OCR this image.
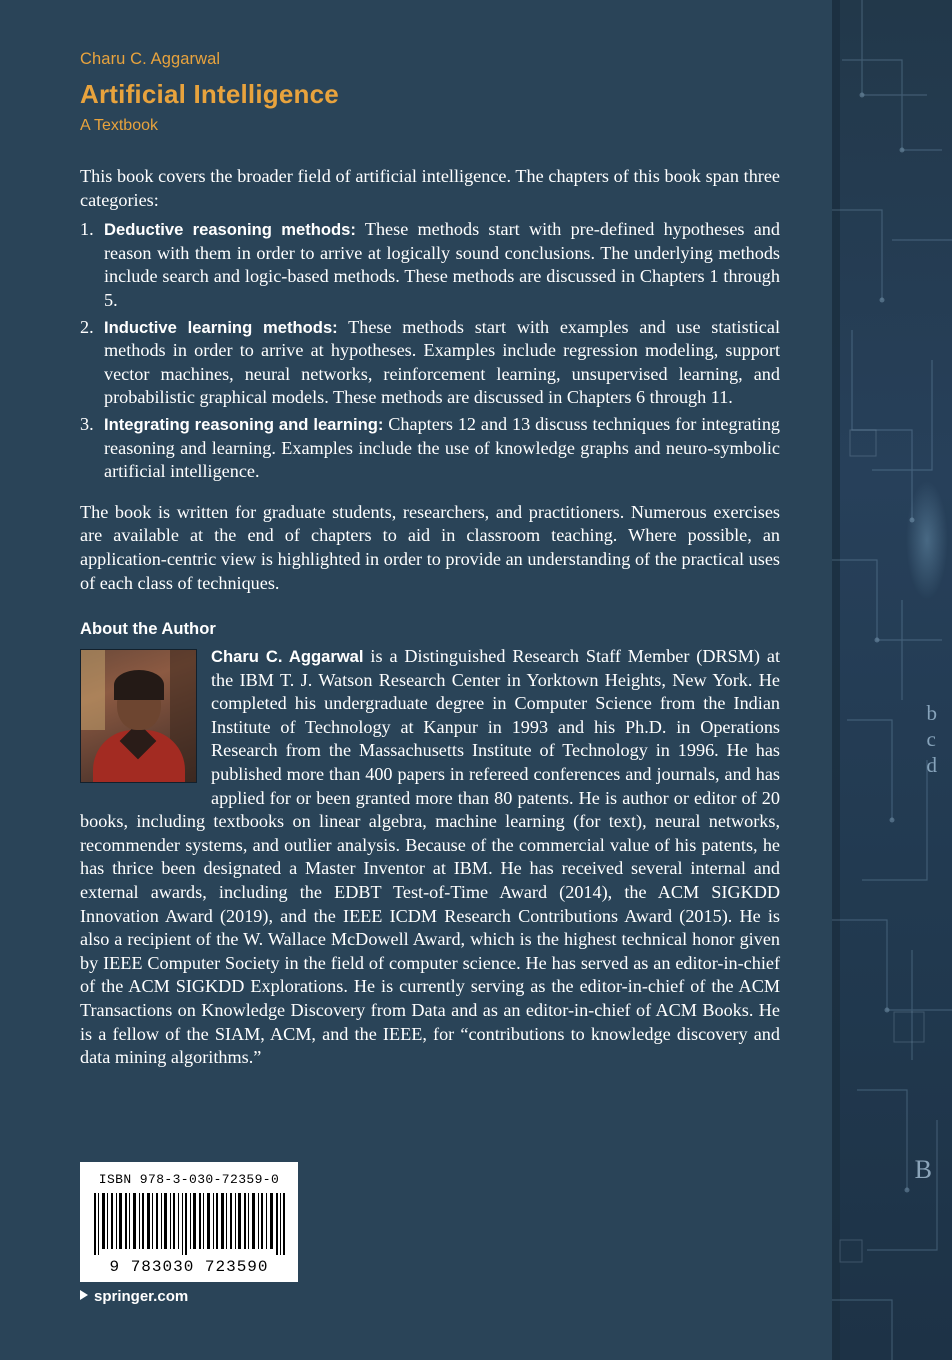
b
c
d
B
Charu C. Aggarwal
Artificial Intelligence
A Textbook

This book covers the broader field of artificial intelligence. The chapters of this book span three categories:

1. Deductive reasoning methods: These methods start with pre-defined hypotheses and reason with them in order to arrive at logically sound conclusions. The underlying methods include search and logic-based methods. These methods are discussed in Chapters 1 through 5.
2. Inductive learning methods: These methods start with examples and use statistical methods in order to arrive at hypotheses. Examples include regression modeling, support vector machines, neural networks, reinforcement learning, unsupervised learning, and probabilistic graphical models. These methods are discussed in Chapters 6 through 11.
3. Integrating reasoning and learning: Chapters 12 and 13 discuss techniques for integrating reasoning and learning. Examples include the use of knowledge graphs and neuro-symbolic artificial intelligence.

The book is written for graduate students, researchers, and practitioners. Numerous exercises are available at the end of chapters to aid in classroom teaching. Where possible, an application-centric view is highlighted in order to provide an understanding of the practical uses of each class of techniques.

About the Author
Charu C. Aggarwal is a Distinguished Research Staff Member (DRSM) at the IBM T. J. Watson Research Center in Yorktown Heights, New York. He completed his undergraduate degree in Computer Science from the Indian Institute of Technology at Kanpur in 1993 and his Ph.D. in Operations Research from the Massachusetts Institute of Technology in 1996. He has published more than 400 papers in refereed conferences and journals, and has applied for or been granted more than 80 patents. He is author or editor of 20 books, including textbooks on linear algebra, machine learning (for text), neural networks, recommender systems, and outlier analysis. Because of the commercial value of his patents, he has thrice been designated a Master Inventor at IBM. He has received several internal and external awards, including the EDBT Test-of-Time Award (2014), the ACM SIGKDD Innovation Award (2019), and the IEEE ICDM Research Contributions Award (2015). He is also a recipient of the W. Wallace McDowell Award, which is the highest technical honor given by IEEE Computer Society in the field of computer science. He has served as an editor-in-chief of the ACM SIGKDD Explorations. He is currently serving as the editor-in-chief of the ACM Transactions on Knowledge Discovery from Data and as an editor-in-chief of ACM Books. He is a fellow of the SIAM, ACM, and the IEEE, for “contributions to knowledge discovery and data mining algorithms.”
ISBN 978-3-030-72359-0
9 783030 723590
springer.com
